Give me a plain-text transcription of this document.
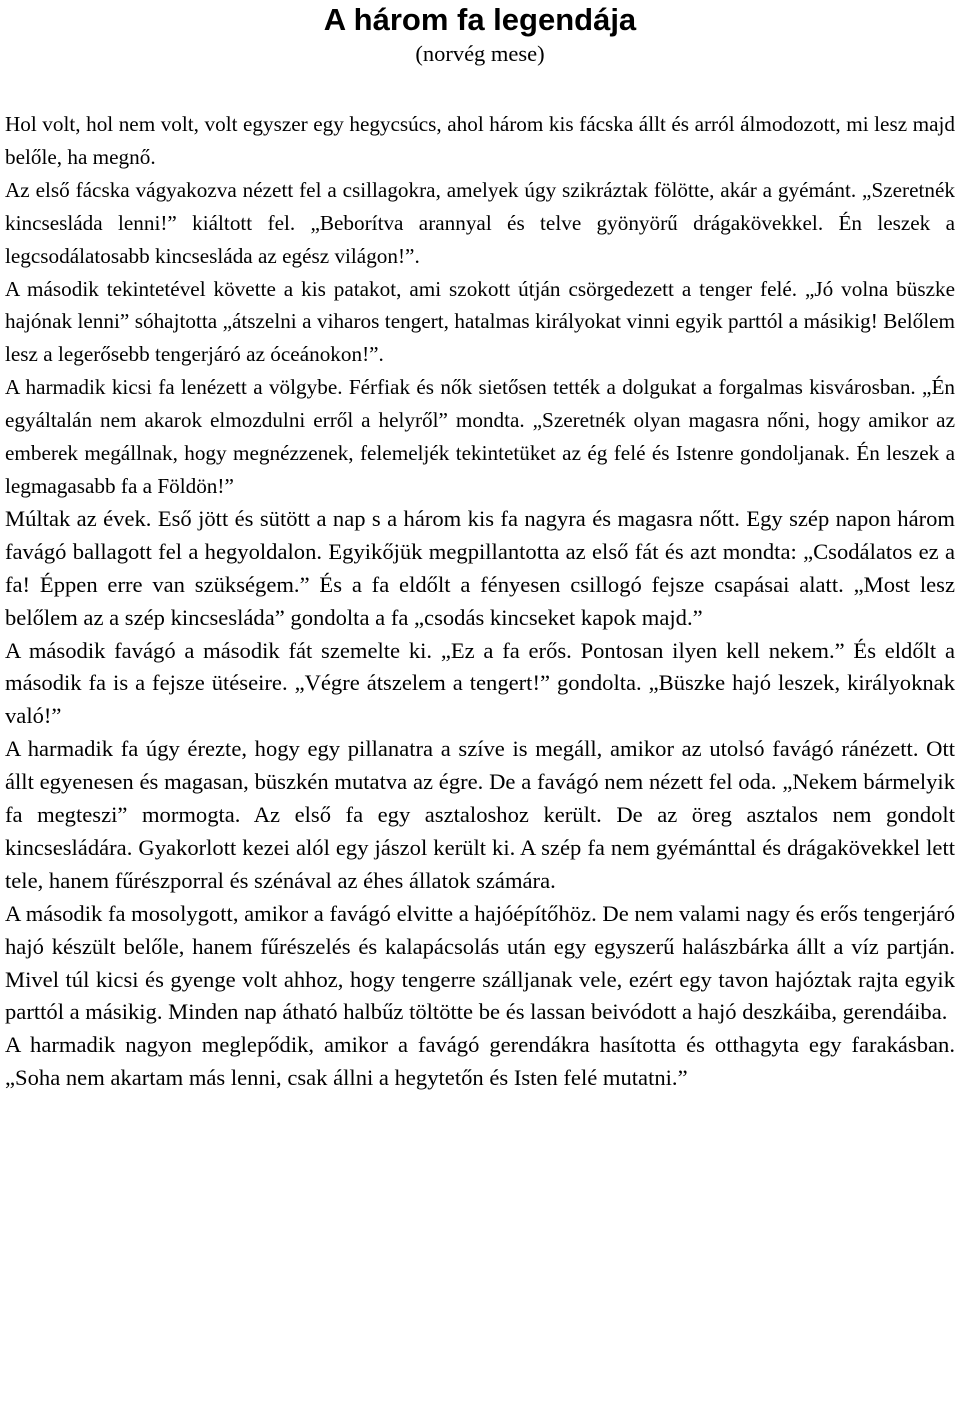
A három fa legendája
(norvég mese)

Hol volt, hol nem volt, volt egyszer egy hegycsúcs, ahol három kis fácska állt és arról álmodozott, mi lesz majd belőle, ha megnő.

Az első fácska vágyakozva nézett fel a csillagokra, amelyek úgy szikráztak fölötte, akár a gyémánt. „Szeretnék kincsesláda lenni!” kiáltott fel. „Beborítva arannyal és telve gyönyörű drágakövekkel. Én leszek a legcsodálatosabb kincsesláda az egész világon!”.

A második tekintetével követte a kis patakot, ami szokott útján csörgedezett a tenger felé. „Jó volna büszke hajónak lenni” sóhajtotta „átszelni a viharos tengert, hatalmas királyokat vinni egyik parttól a másikig! Belőlem lesz a legerősebb tengerjáró az óceánokon!”.

A harmadik kicsi fa lenézett a völgybe. Férfiak és nők sietősen tették a dolgukat a forgalmas kisvárosban. „Én egyáltalán nem akarok elmozdulni erről a helyről” mondta. „Szeretnék olyan magasra nőni, hogy amikor az emberek megállnak, hogy megnézzenek, felemeljék tekintetüket az ég felé és Istenre gondoljanak. Én leszek a legmagasabb fa a Földön!”

Múltak az évek. Eső jött és sütött a nap s a három kis fa nagyra és magasra nőtt. Egy szép napon három favágó ballagott fel a hegyoldalon. Egyikőjük megpillantotta az első fát és azt mondta: „Csodálatos ez a fa! Éppen erre van szükségem.” És a fa eldőlt a fényesen csillogó fejsze csapásai alatt. „Most lesz belőlem az a szép kincsesláda” gondolta a fa „csodás kincseket kapok majd.”

A második favágó a második fát szemelte ki. „Ez a fa erős. Pontosan ilyen kell nekem.” És eldőlt a második fa is a fejsze ütéseire. „Végre átszelem a tengert!” gondolta. „Büszke hajó leszek, királyoknak való!”

A harmadik fa úgy érezte, hogy egy pillanatra a szíve is megáll, amikor az utolsó favágó ránézett. Ott állt egyenesen és magasan, büszkén mutatva az égre. De a favágó nem nézett fel oda. „Nekem bármelyik fa megteszi” mormogta. Az első fa egy asztaloshoz került. De az öreg asztalos nem gondolt kincsesládára. Gyakorlott kezei alól egy jászol került ki. A szép fa nem gyémánttal és drágakövekkel lett tele, hanem fűrészporral és szénával az éhes állatok számára.

A második fa mosolygott, amikor a favágó elvitte a hajóépítőhöz. De nem valami nagy és erős tengerjáró hajó készült belőle, hanem fűrészelés és kalapácsolás után egy egyszerű halászbárka állt a víz partján. Mivel túl kicsi és gyenge volt ahhoz, hogy tengerre szálljanak vele, ezért egy tavon hajóztak rajta egyik parttól a másikig. Minden nap átható halbűz töltötte be és lassan beivódott a hajó deszkáiba, gerendáiba.

A harmadik nagyon meglepődik, amikor a favágó gerendákra hasította és otthagyta egy farakásban. „Soha nem akartam más lenni, csak állni a hegytetőn és Isten felé mutatni.”
